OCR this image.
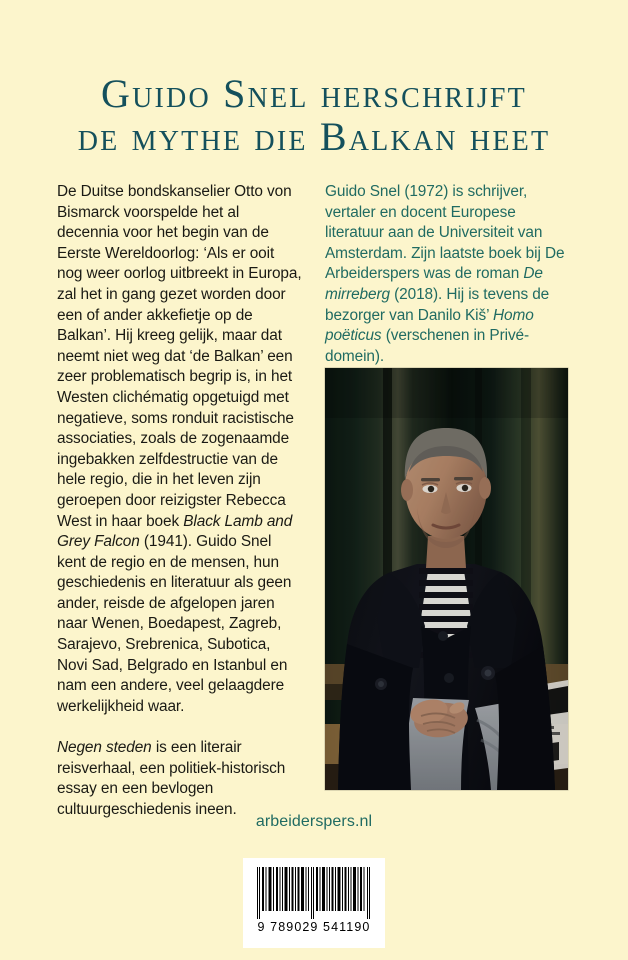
Guido Snel herschrijft
de mythe die Balkan heet

De Duitse bondskanselier Otto von Bismarck voorspelde het al decennia voor het begin van de Eerste Wereldoorlog: ‘Als er ooit nog weer oorlog uitbreekt in Europa, zal het in gang gezet worden door een of ander akkefietje op de Balkan’. Hij kreeg gelijk, maar dat neemt niet weg dat ‘de Balkan’ een zeer problematisch begrip is, in het Westen clichématig opgetuigd met negatieve, soms ronduit racistische associaties, zoals de zogenaamde ingebakken zelfdestructie van de hele regio, die in het leven zijn geroepen door reizigster Rebecca West in haar boek Black Lamb and Grey Falcon (1941). Guido Snel kent de regio en de mensen, hun geschiedenis en literatuur als geen ander, reisde de afgelopen jaren naar Wenen, Boedapest, Zagreb, Sarajevo, Srebrenica, Subotica, Novi Sad, Belgrado en Istanbul en nam een andere, veel gelaagdere werkelijkheid waar.

Negen steden is een literair reisverhaal, een politiek-historisch essay en een bevlogen cultuurgeschiedenis ineen.

Guido Snel (1972) is schrijver, vertaler en docent Europese literatuur aan de Universiteit van Amsterdam. Zijn laatste boek bij De Arbeiderspers was de roman De mirreberg (2018). Hij is tevens de bezorger van Danilo Kiš’ Homo poëticus (verschenen in Privé-domein).

arbeiderspers.nl
9 789029 541190
